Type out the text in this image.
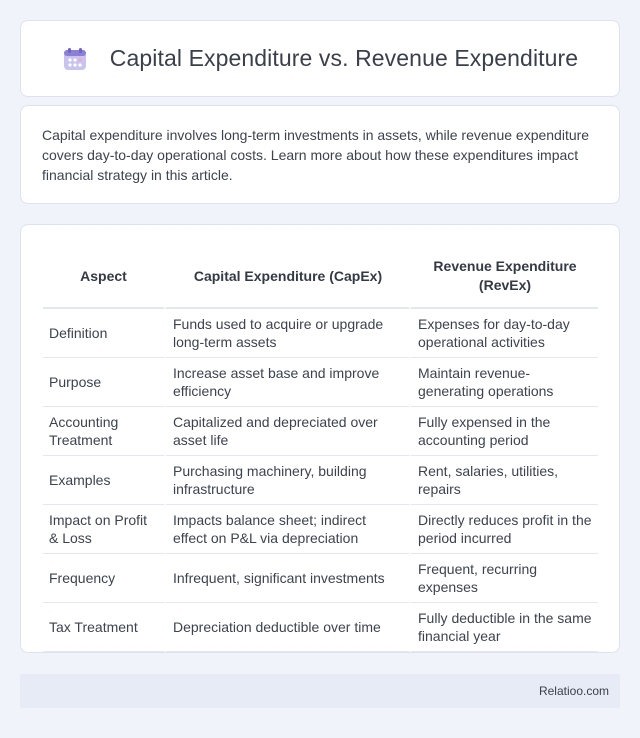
Capital Expenditure vs. Revenue Expenditure

Capital expenditure involves long-term investments in assets, while revenue expenditure covers day-to-day operational costs. Learn more about how these expenditures impact financial strategy in this article.

Aspect	Capital Expenditure (CapEx)	Revenue Expenditure (RevEx)
Definition	Funds used to acquire or upgrade long-term assets	Expenses for day-to-day operational activities
Purpose	Increase asset base and improve efficiency	Maintain revenue-generating operations
Accounting Treatment	Capitalized and depreciated over asset life	Fully expensed in the accounting period
Examples	Purchasing machinery, building infrastructure	Rent, salaries, utilities, repairs
Impact on Profit & Loss	Impacts balance sheet; indirect effect on P&L via depreciation	Directly reduces profit in the period incurred
Frequency	Infrequent, significant investments	Frequent, recurring expenses
Tax Treatment	Depreciation deductible over time	Fully deductible in the same financial year
Relatioo.com
